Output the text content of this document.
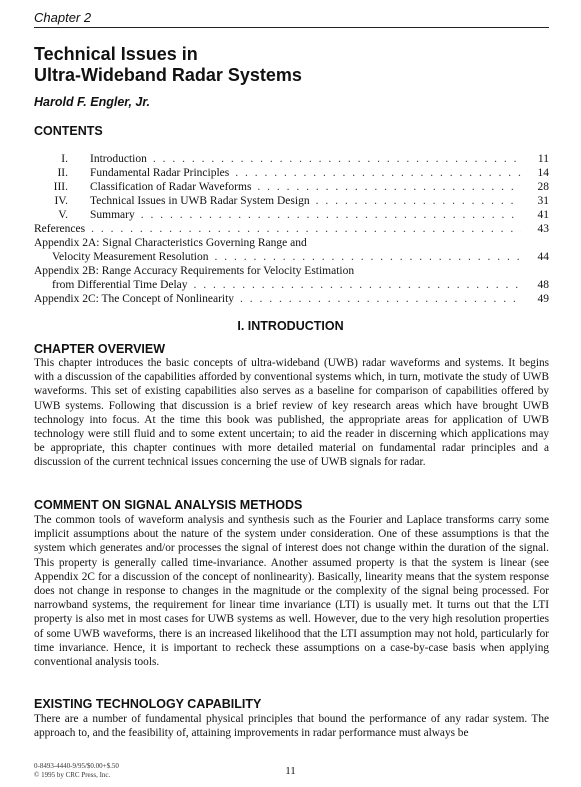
Chapter 2
Technical Issues in
Ultra-Wideband Radar Systems
Harold F. Engler, Jr.
CONTENTS
I.	Introduction . . .	11
II.	Fundamental Radar Principles . . .	14
III.	Classification of Radar Waveforms . . .	28
IV.	Technical Issues in UWB Radar System Design . . .	31
V.	Summary . . .	41
References . . .	43
Appendix 2A: Signal Characteristics Governing Range and
Velocity Measurement Resolution . . .	44
Appendix 2B: Range Accuracy Requirements for Velocity Estimation
from Differential Time Delay . . .	48
Appendix 2C: The Concept of Nonlinearity . . .	49
I. INTRODUCTION
CHAPTER OVERVIEW

This chapter introduces the basic concepts of ultra-wideband (UWB) radar waveforms and systems. It begins with a discussion of the capabilities afforded by conventional systems which, in turn, motivate the study of UWB waveforms. This set of existing capabilities also serves as a baseline for comparison of capabilities offered by UWB systems. Following that discussion is a brief review of key research areas which have brought UWB technology into focus. At the time this book was published, the appropriate areas for application of UWB technology were still fluid and to some extent uncertain; to aid the reader in discerning which applications may be appropriate, this chapter continues with more detailed material on fundamental radar principles and a discussion of the current technical issues concerning the use of UWB signals for radar.

COMMENT ON SIGNAL ANALYSIS METHODS

The common tools of waveform analysis and synthesis such as the Fourier and Laplace transforms carry some implicit assumptions about the nature of the system under consideration. One of these assumptions is that the system which generates and/or processes the signal of interest does not change within the duration of the signal. This property is generally called time-invariance. Another assumed property is that the system is linear (see Appendix 2C for a discussion of the concept of nonlinearity). Basically, linearity means that the system response does not change in response to changes in the magnitude or the complexity of the signal being processed. For narrowband systems, the requirement for linear time invariance (LTI) is usually met. It turns out that the LTI property is also met in most cases for UWB systems as well. However, due to the very high resolution properties of some UWB waveforms, there is an increased likelihood that the LTI assumption may not hold, particularly for time invariance. Hence, it is important to recheck these assumptions on a case-by-case basis when applying conventional analysis tools.

EXISTING TECHNOLOGY CAPABILITY

There are a number of fundamental physical principles that bound the performance of any radar system. The approach to, and the feasibility of, attaining improvements in radar performance must always be

0-8493-4440-9/95/$0.00+$.50
© 1995 by CRC Press, Inc.	11
